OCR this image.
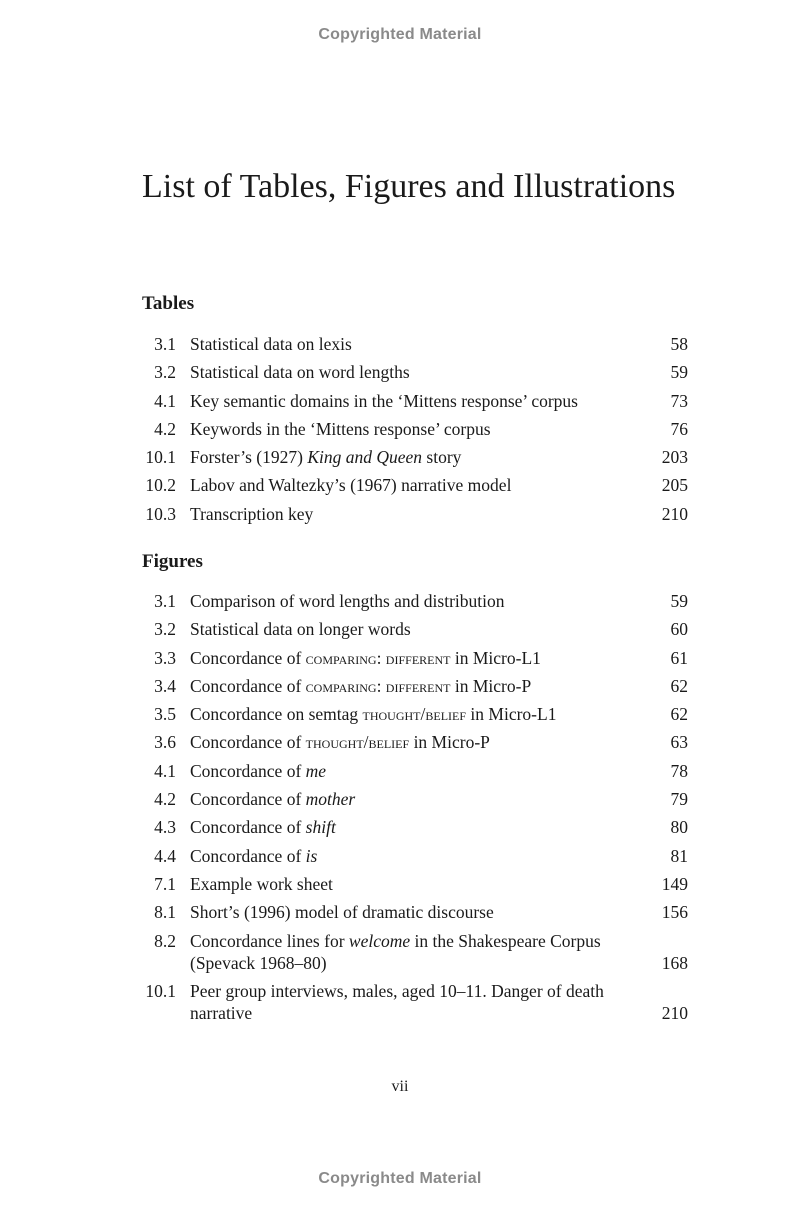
Copyrighted Material
List of Tables, Figures and Illustrations
Tables
3.1 Statistical data on lexis	58
3.2 Statistical data on word lengths	59
4.1 Key semantic domains in the ‘Mittens response’ corpus	73
4.2 Keywords in the ‘Mittens response’ corpus	76
10.1 Forster’s (1927) King and Queen story	203
10.2 Labov and Waltezky’s (1967) narrative model	205
10.3 Transcription key	210
Figures
3.1 Comparison of word lengths and distribution	59
3.2 Statistical data on longer words	60
3.3 Concordance of comparing: different in Micro-L1	61
3.4 Concordance of comparing: different in Micro-P	62
3.5 Concordance on semtag thought/belief in Micro-L1	62
3.6 Concordance of thought/belief in Micro-P	63
4.1 Concordance of me	78
4.2 Concordance of mother	79
4.3 Concordance of shift	80
4.4 Concordance of is	81
7.1 Example work sheet	149
8.1 Short’s (1996) model of dramatic discourse	156
8.2 Concordance lines for welcome in the Shakespeare Corpus (Spevack 1968–80)	168
10.1 Peer group interviews, males, aged 10–11. Danger of death narrative	210
vii
Copyrighted Material
